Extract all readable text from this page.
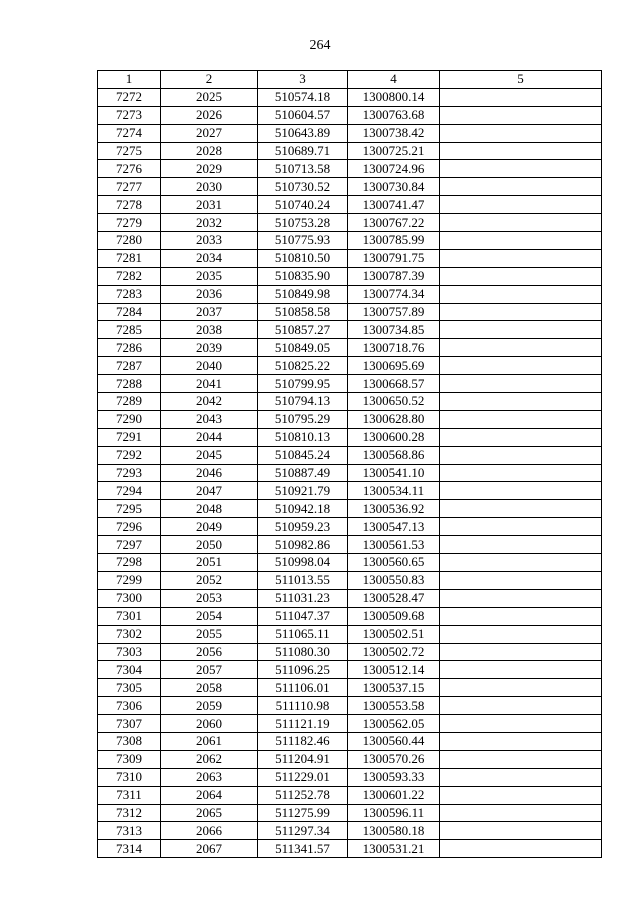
264
1	2	3	4	5
7272	2025	510574.18	1300800.14	
7273	2026	510604.57	1300763.68	
7274	2027	510643.89	1300738.42	
7275	2028	510689.71	1300725.21	
7276	2029	510713.58	1300724.96	
7277	2030	510730.52	1300730.84	
7278	2031	510740.24	1300741.47	
7279	2032	510753.28	1300767.22	
7280	2033	510775.93	1300785.99	
7281	2034	510810.50	1300791.75	
7282	2035	510835.90	1300787.39	
7283	2036	510849.98	1300774.34	
7284	2037	510858.58	1300757.89	
7285	2038	510857.27	1300734.85	
7286	2039	510849.05	1300718.76	
7287	2040	510825.22	1300695.69	
7288	2041	510799.95	1300668.57	
7289	2042	510794.13	1300650.52	
7290	2043	510795.29	1300628.80	
7291	2044	510810.13	1300600.28	
7292	2045	510845.24	1300568.86	
7293	2046	510887.49	1300541.10	
7294	2047	510921.79	1300534.11	
7295	2048	510942.18	1300536.92	
7296	2049	510959.23	1300547.13	
7297	2050	510982.86	1300561.53	
7298	2051	510998.04	1300560.65	
7299	2052	511013.55	1300550.83	
7300	2053	511031.23	1300528.47	
7301	2054	511047.37	1300509.68	
7302	2055	511065.11	1300502.51	
7303	2056	511080.30	1300502.72	
7304	2057	511096.25	1300512.14	
7305	2058	511106.01	1300537.15	
7306	2059	511110.98	1300553.58	
7307	2060	511121.19	1300562.05	
7308	2061	511182.46	1300560.44	
7309	2062	511204.91	1300570.26	
7310	2063	511229.01	1300593.33	
7311	2064	511252.78	1300601.22	
7312	2065	511275.99	1300596.11	
7313	2066	511297.34	1300580.18	
7314	2067	511341.57	1300531.21	
